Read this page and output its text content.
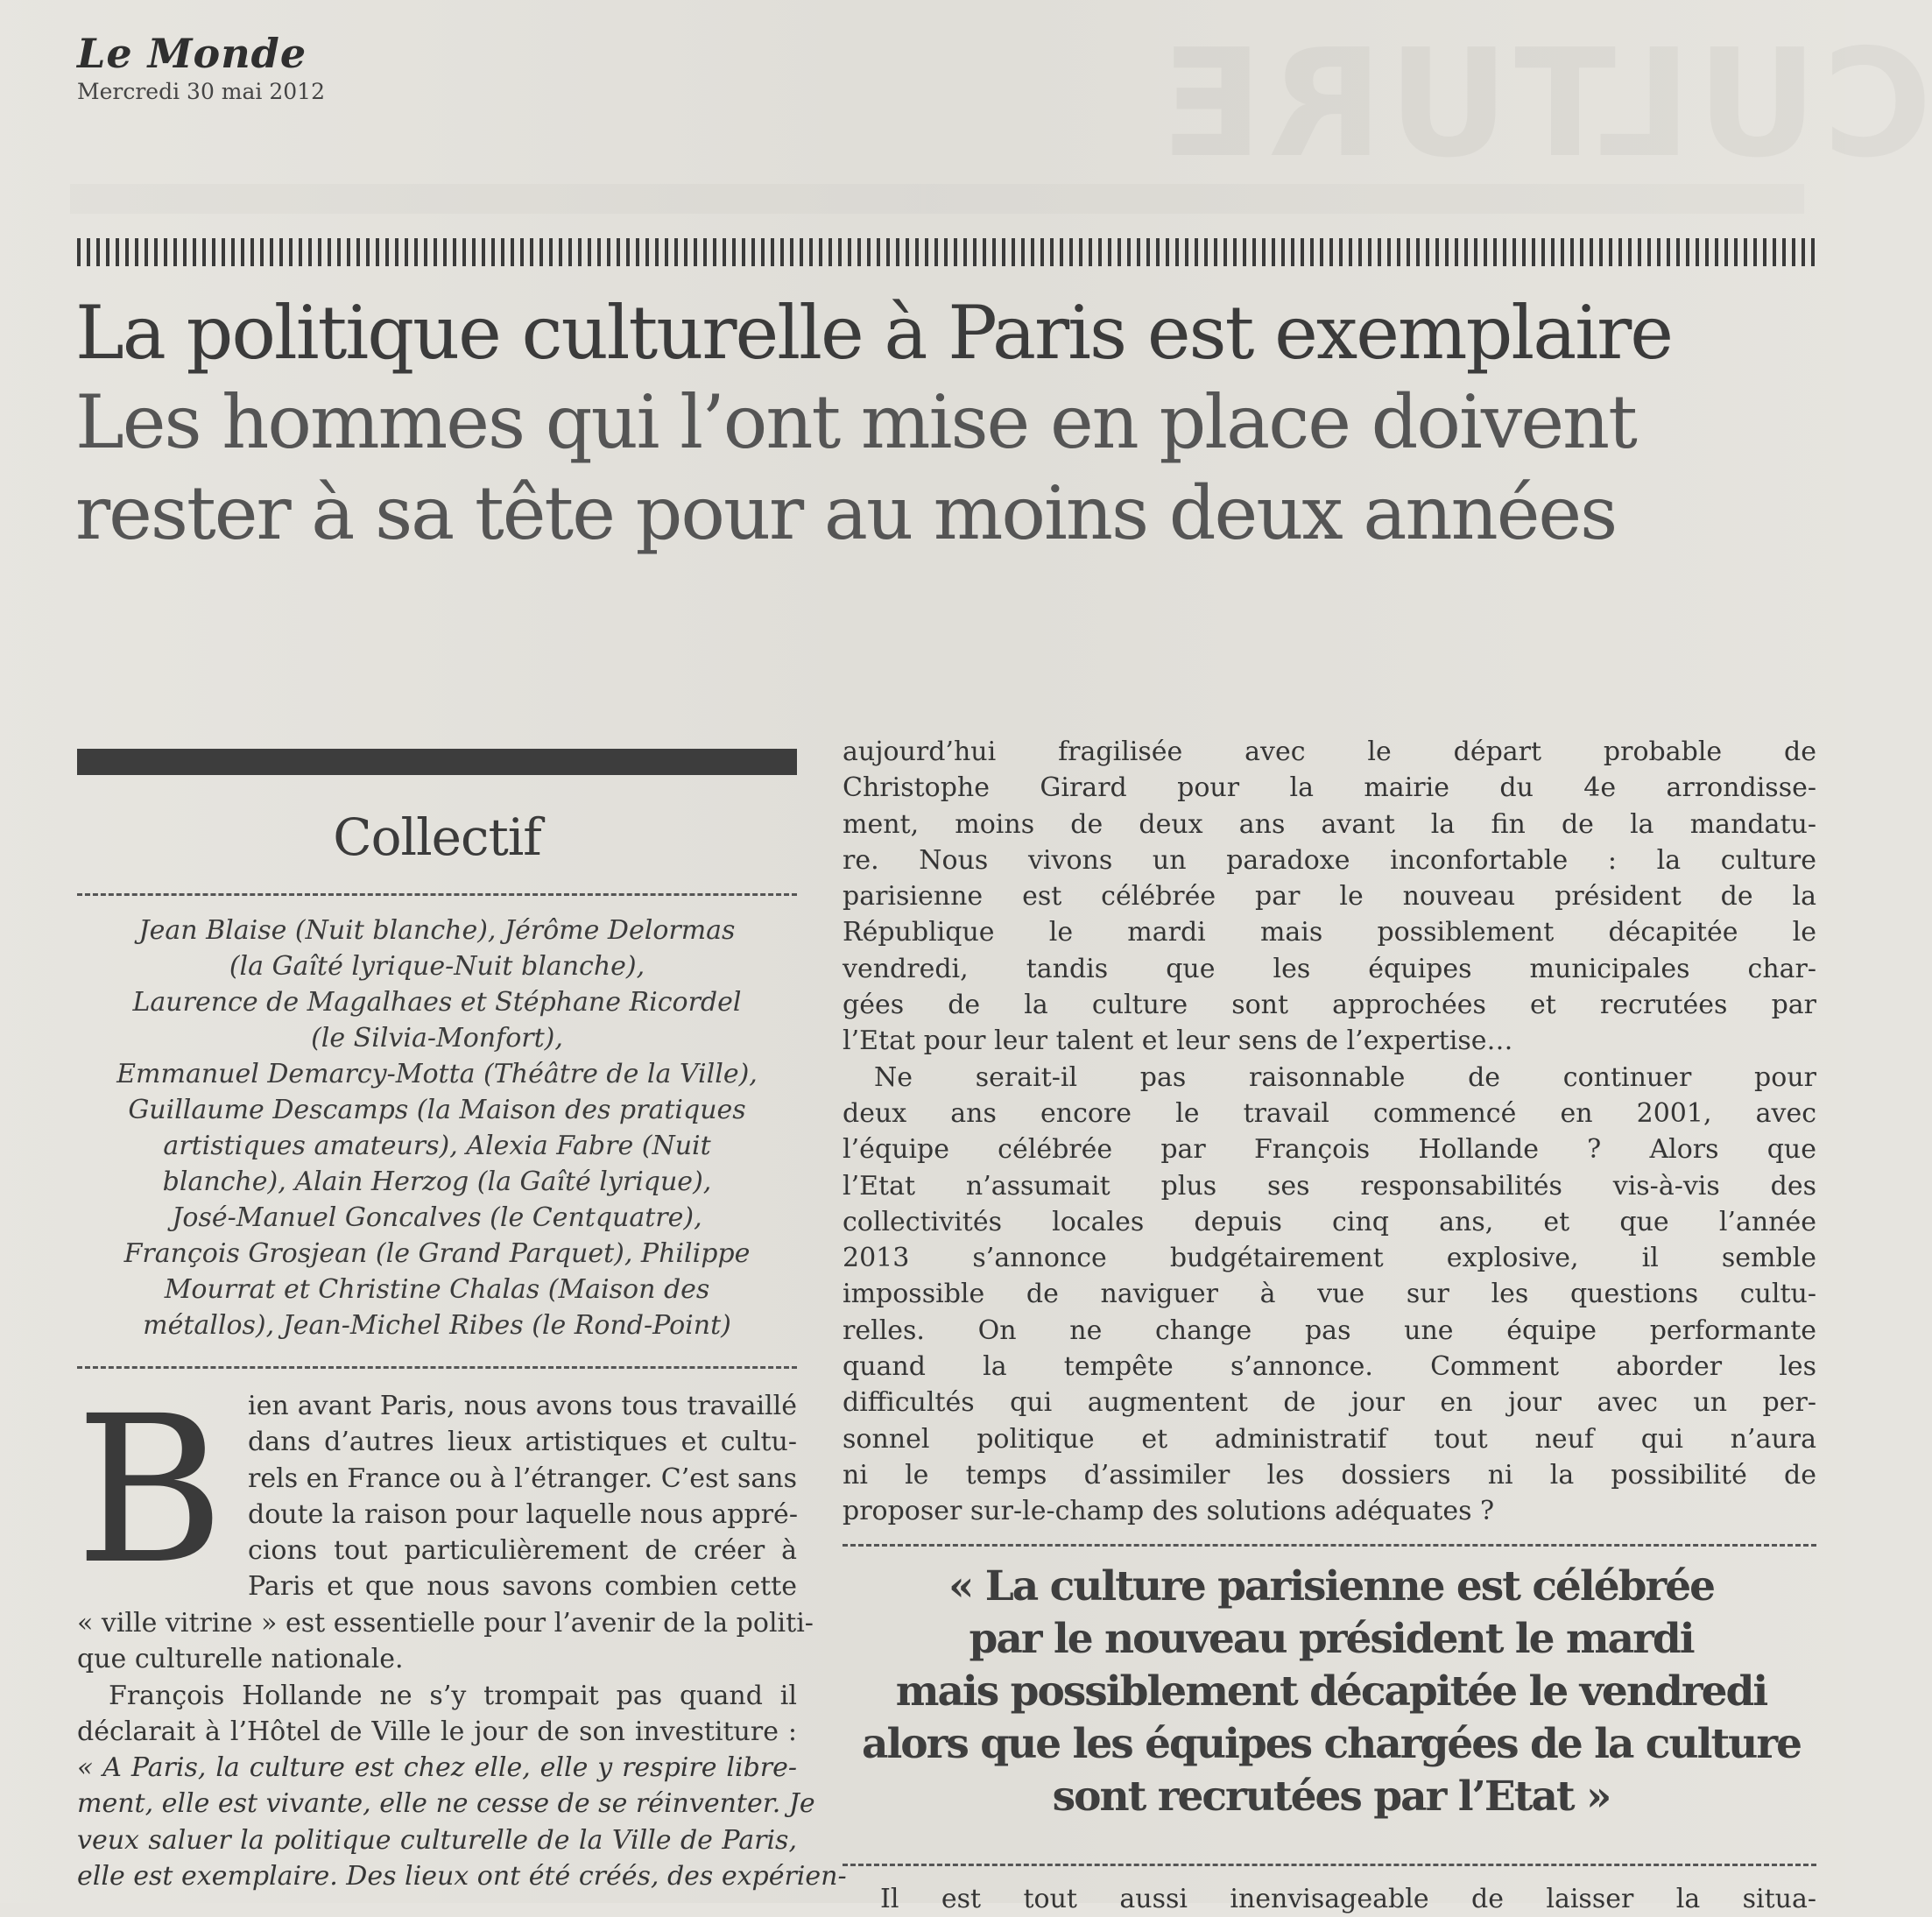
CULTURE
Le Monde
Mercredi 30 mai 2012
La politique culturelle à Paris est exemplaire
Les hommes qui l’ont mise en place doivent
rester à sa tête pour au moins deux années
Collectif
Jean Blaise (Nuit blanche), Jérôme Delormas
(la Gaîté lyrique-Nuit blanche),
Laurence de Magalhaes et Stéphane Ricordel
(le Silvia-Monfort),
Emmanuel Demarcy-Motta (Théâtre de la Ville),
Guillaume Descamps (la Maison des pratiques
artistiques amateurs), Alexia Fabre (Nuit
blanche), Alain Herzog (la Gaîté lyrique),
José-Manuel Goncalves (le Centquatre),
François Grosjean (le Grand Parquet), Philippe
Mourrat et Christine Chalas (Maison des
métallos), Jean-Michel Ribes (le Rond-Point)
B ien avant Paris, nous avons tous travaillé
dans d’autres lieux artistiques et cultu-
rels en France ou à l’étranger. C’est sans
doute la raison pour laquelle nous appré-
cions tout particulièrement de créer à
Paris et que nous savons combien cette
« ville vitrine » est essentielle pour l’avenir de la politi-
que culturelle nationale.
François Hollande ne s’y trompait pas quand il
déclarait à l’Hôtel de Ville le jour de son investiture :
« A Paris, la culture est chez elle, elle y respire libre-
ment, elle est vivante, elle ne cesse de se réinventer. Je
veux saluer la politique culturelle de la Ville de Paris,
elle est exemplaire. Des lieux ont été créés, des expérien-
aujourd’hui fragilisée avec le départ probable de
Christophe Girard pour la mairie du 4e arrondisse-
ment, moins de deux ans avant la fin de la mandatu-
re. Nous vivons un paradoxe inconfortable : la culture
parisienne est célébrée par le nouveau président de la
République le mardi mais possiblement décapitée le
vendredi, tandis que les équipes municipales char-
gées de la culture sont approchées et recrutées par
l’Etat pour leur talent et leur sens de l’expertise…
Ne serait-il pas raisonnable de continuer pour
deux ans encore le travail commencé en 2001, avec
l’équipe célébrée par François Hollande ? Alors que
l’Etat n’assumait plus ses responsabilités vis-à-vis des
collectivités locales depuis cinq ans, et que l’année
2013 s’annonce budgétairement explosive, il semble
impossible de naviguer à vue sur les questions cultu-
relles. On ne change pas une équipe performante
quand la tempête s’annonce. Comment aborder les
difficultés qui augmentent de jour en jour avec un per-
sonnel politique et administratif tout neuf qui n’aura
ni le temps d’assimiler les dossiers ni la possibilité de
proposer sur-le-champ des solutions adéquates ?
« La culture parisienne est célébrée
par le nouveau président le mardi
mais possiblement décapitée le vendredi
alors que les équipes chargées de la culture
sont recrutées par l’Etat »
Il est tout aussi inenvisageable de laisser la situa-
